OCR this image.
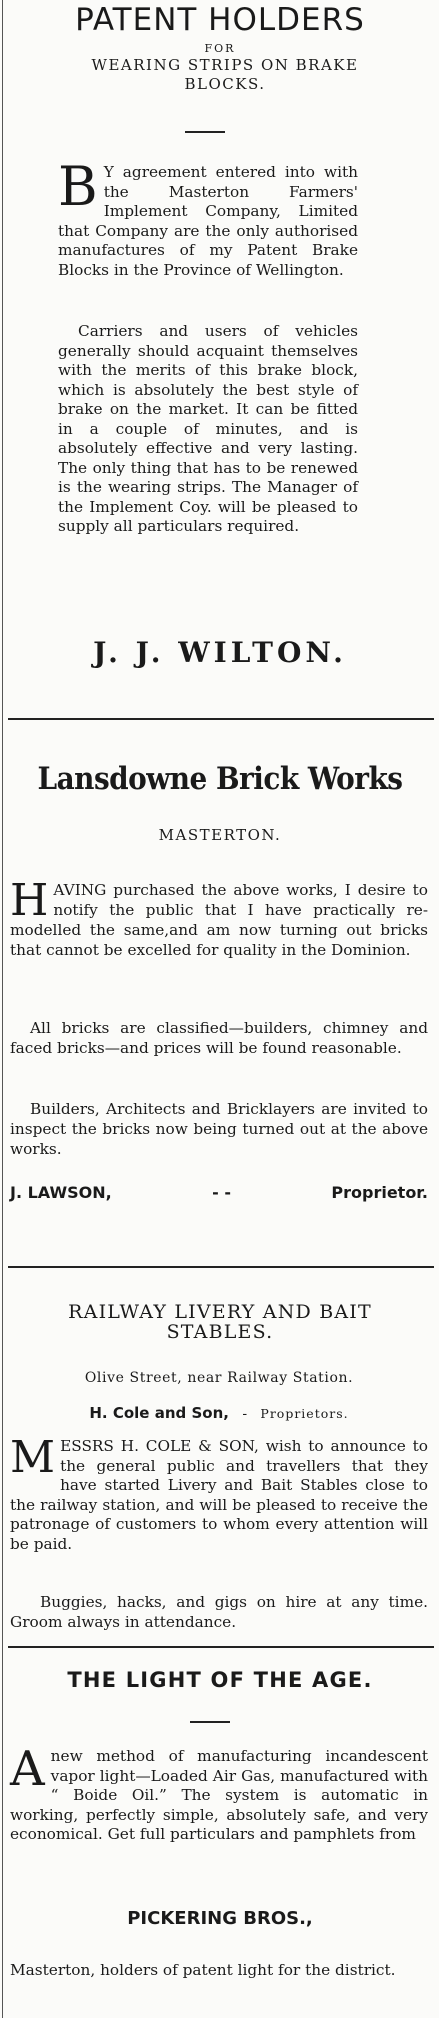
PATENT HOLDERS
FOR
WEARING STRIPS ON BRAKE BLOCKS.
B Y agreement entered into with the Masterton Farmers' Implement Company, Limited that Company are the only authorised manufactures of my Patent Brake Blocks in the Province of Wellington.

Carriers and users of vehicles generally should acquaint themselves with the merits of this brake block, which is absolutely the best style of brake on the market. It can be fitted in a couple of minutes, and is absolutely effective and very lasting. The only thing that has to be renewed is the wearing strips. The Manager of the Implement Coy. will be pleased to supply all particulars required.

J. J. WILTON.
Lansdowne Brick Works
MASTERTON.
HAVING purchased the above works, I desire to notify the public that I have practically re-modelled the same,and am now turning out bricks that cannot be excelled for quality in the Dominion.

All bricks are classified—builders, chimney and faced bricks—and prices will be found reasonable.

Builders, Architects and Bricklayers are invited to inspect the bricks now being turned out at the above works.

J. LAWSON,	- -	Proprietor.
RAILWAY LIVERY AND BAIT STABLES.
Olive Street, near Railway Station.
H. Cole and Son, - Proprietors.
MESSRS H. COLE & SON, wish to announce to the general public and travellers that they have started Livery and Bait Stables close to the railway station, and will be pleased to receive the patronage of customers to whom every attention will be paid.

Buggies, hacks, and gigs on hire at any time. Groom always in attendance.

THE LIGHT OF THE AGE.
Anew method of manufacturing incandescent vapor light—Loaded Air Gas, manufactured with “ Boide Oil.” The system is automatic in working, perfectly simple, absolutely safe, and very economical. Get full particulars and pamphlets from
PICKERING BROS.,

Masterton, holders of patent light for the district.
